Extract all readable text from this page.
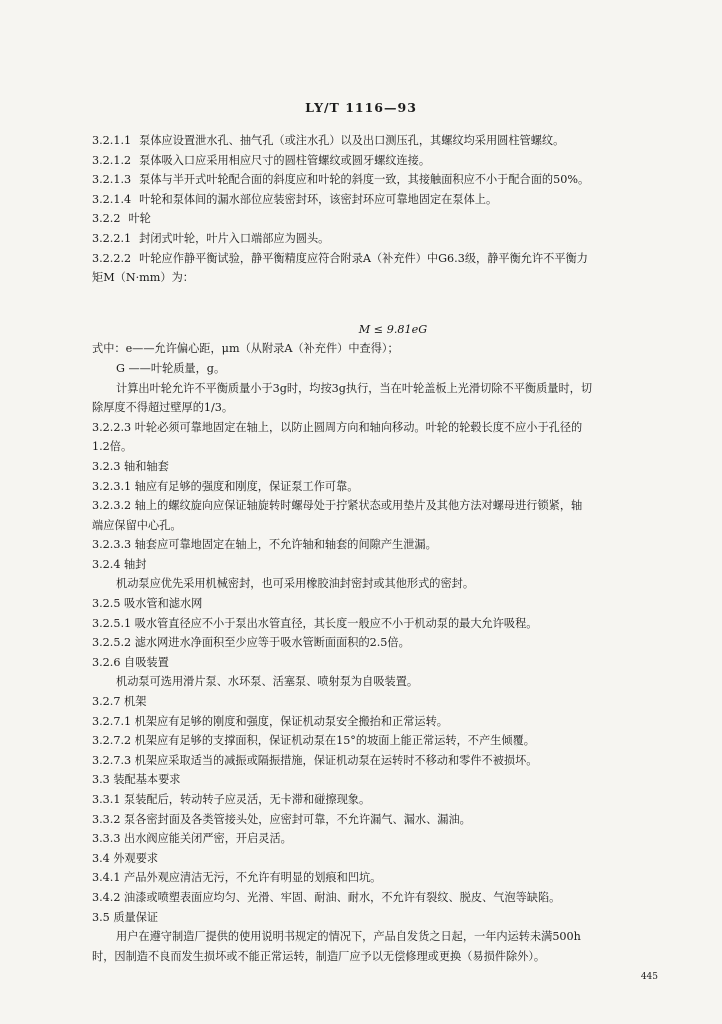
LY/T 1116—93
3.2.1.1 泵体应设置泄水孔、抽气孔（或注水孔）以及出口测压孔，其螺纹均采用圆柱管螺纹。
3.2.1.2 泵体吸入口应采用相应尺寸的圆柱管螺纹或圆牙螺纹连接。
3.2.1.3 泵体与半开式叶轮配合面的斜度应和叶轮的斜度一致，其接触面积应不小于配合面的50%。
3.2.1.4 叶轮和泵体间的漏水部位应装密封环，该密封环应可靠地固定在泵体上。
3.2.2 叶轮
3.2.2.1 封闭式叶轮，叶片入口端部应为圆头。
3.2.2.2 叶轮应作静平衡试验，静平衡精度应符合附录A（补充件）中G6.3级，静平衡允许不平衡力
矩M（N·mm）为：
M ≤ 9.81eG
式中：e——允许偏心距，μm（从附录A（补充件）中查得）；
G ——叶轮质量，g。
计算出叶轮允许不平衡质量小于3g时，均按3g执行，当在叶轮盖板上光滑切除不平衡质量时，切
除厚度不得超过壁厚的1/3。
3.2.2.3 叶轮必须可靠地固定在轴上，以防止圆周方向和轴向移动。叶轮的轮毂长度不应小于孔径的
1.2倍。
3.2.3 轴和轴套
3.2.3.1 轴应有足够的强度和刚度，保证泵工作可靠。
3.2.3.2 轴上的螺纹旋向应保证轴旋转时螺母处于拧紧状态或用垫片及其他方法对螺母进行锁紧，轴
端应保留中心孔。
3.2.3.3 轴套应可靠地固定在轴上，不允许轴和轴套的间隙产生泄漏。
3.2.4 轴封
机动泵应优先采用机械密封，也可采用橡胶油封密封或其他形式的密封。
3.2.5 吸水管和滤水网
3.2.5.1 吸水管直径应不小于泵出水管直径，其长度一般应不小于机动泵的最大允许吸程。
3.2.5.2 滤水网进水净面积至少应等于吸水管断面面积的2.5倍。
3.2.6 自吸装置
机动泵可选用滑片泵、水环泵、活塞泵、喷射泵为自吸装置。
3.2.7 机架
3.2.7.1 机架应有足够的刚度和强度，保证机动泵安全搬抬和正常运转。
3.2.7.2 机架应有足够的支撑面积，保证机动泵在15°的坡面上能正常运转，不产生倾覆。
3.2.7.3 机架应采取适当的减振或隔振措施，保证机动泵在运转时不移动和零件不被损坏。
3.3 装配基本要求
3.3.1 泵装配后，转动转子应灵活，无卡滞和碰擦现象。
3.3.2 泵各密封面及各类管接头处，应密封可靠，不允许漏气、漏水、漏油。
3.3.3 出水阀应能关闭严密，开启灵活。
3.4 外观要求
3.4.1 产品外观应清洁无污，不允许有明显的划痕和凹坑。
3.4.2 油漆或喷塑表面应均匀、光滑、牢固、耐油、耐水，不允许有裂纹、脱皮、气泡等缺陷。
3.5 质量保证
用户在遵守制造厂提供的使用说明书规定的情况下，产品自发货之日起，一年内运转未满500h
时，因制造不良而发生损坏或不能正常运转，制造厂应予以无偿修理或更换（易损件除外）。
445
